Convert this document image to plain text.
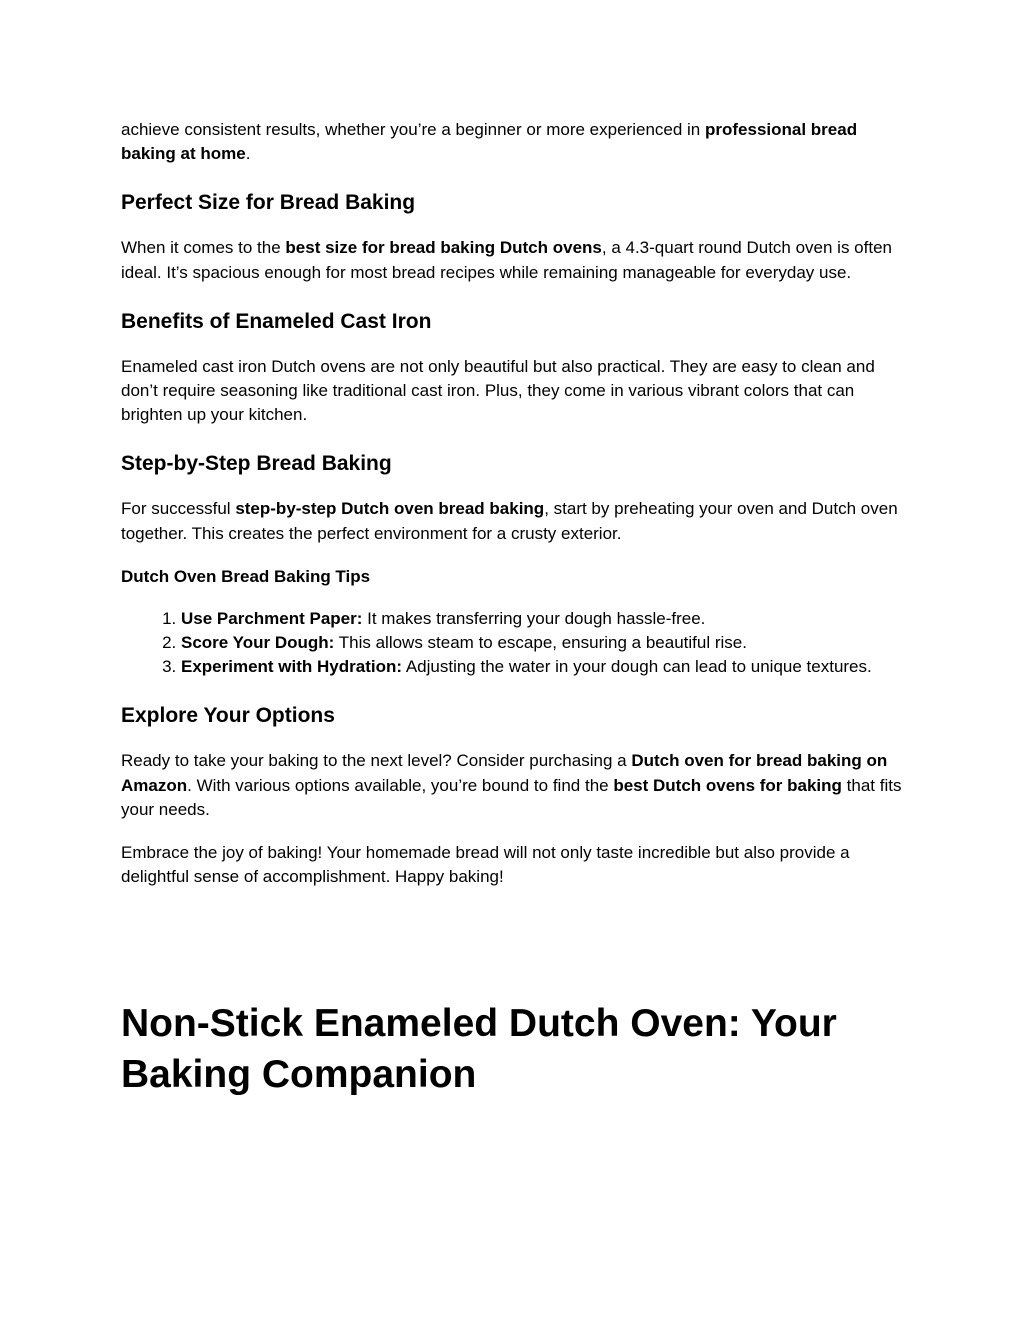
achieve consistent results, whether you’re a beginner or more experienced in professional bread baking at home.

Perfect Size for Bread Baking

When it comes to the best size for bread baking Dutch ovens, a 4.3-quart round Dutch oven is often ideal. It’s spacious enough for most bread recipes while remaining manageable for everyday use.

Benefits of Enameled Cast Iron

Enameled cast iron Dutch ovens are not only beautiful but also practical. They are easy to clean and don’t require seasoning like traditional cast iron. Plus, they come in various vibrant colors that can brighten up your kitchen.

Step-by-Step Bread Baking

For successful step-by-step Dutch oven bread baking, start by preheating your oven and Dutch oven together. This creates the perfect environment for a crusty exterior.

Dutch Oven Bread Baking Tips
1. Use Parchment Paper: It makes transferring your dough hassle-free.
2. Score Your Dough: This allows steam to escape, ensuring a beautiful rise.
3. Experiment with Hydration: Adjusting the water in your dough can lead to unique textures.
Explore Your Options

Ready to take your baking to the next level? Consider purchasing a Dutch oven for bread baking on Amazon. With various options available, you’re bound to find the best Dutch ovens for baking that fits your needs.

Embrace the joy of baking! Your homemade bread will not only taste incredible but also provide a delightful sense of accomplishment. Happy baking!

Non-Stick Enameled Dutch Oven: Your Baking Companion
